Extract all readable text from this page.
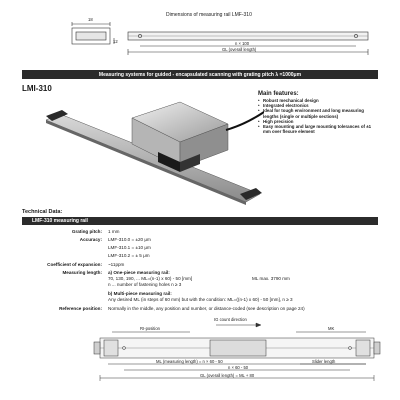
Dimensions of measuring rail LMF-310
18
12	n × 100
GL (overall length)
Measuring systems for guided - encapsulated scanning with grating pitch λ =1000μm
LMI-310
Main features:
• Robust mechanical design
• Integrated electronics
• Ideal for tough environment and long measuring lengths (single or multiple sections)
• High precision
• Easy mounting and large mounting tolerances of ±1 mm over flexure element
Technical Data:
LMF-310 measuring rail
Grating pitch: 1 mm
Accuracy: LMF-310.0 = ±20 μm
LMF-310.1 = ±10 μm
LMF-310.2 = ± 5 μm
Coefficient of expansion: ~11ppm
Measuring length: a) One-piece measuring rail:
70, 130, 190, ... ML=(n-1) x 60) - 50 [mm]	ML max. 3790 mm
n ... number of fastening holes n ≥ 3
b) Multi-piece measuring rail:
Any desired ML (in steps of 60 mm) but with the condition: ML=((n-1) x 60) - 50 [mm], n ≥ 3
Reference position: Normally in the middle, any position and number, or distance-coded (see description on page 24)
IG count direction
RI-position	MK
Slider length
ML (measuring length) = n × 60 - 50
n × 60 - 50
GL (overall length) = ML + 80
